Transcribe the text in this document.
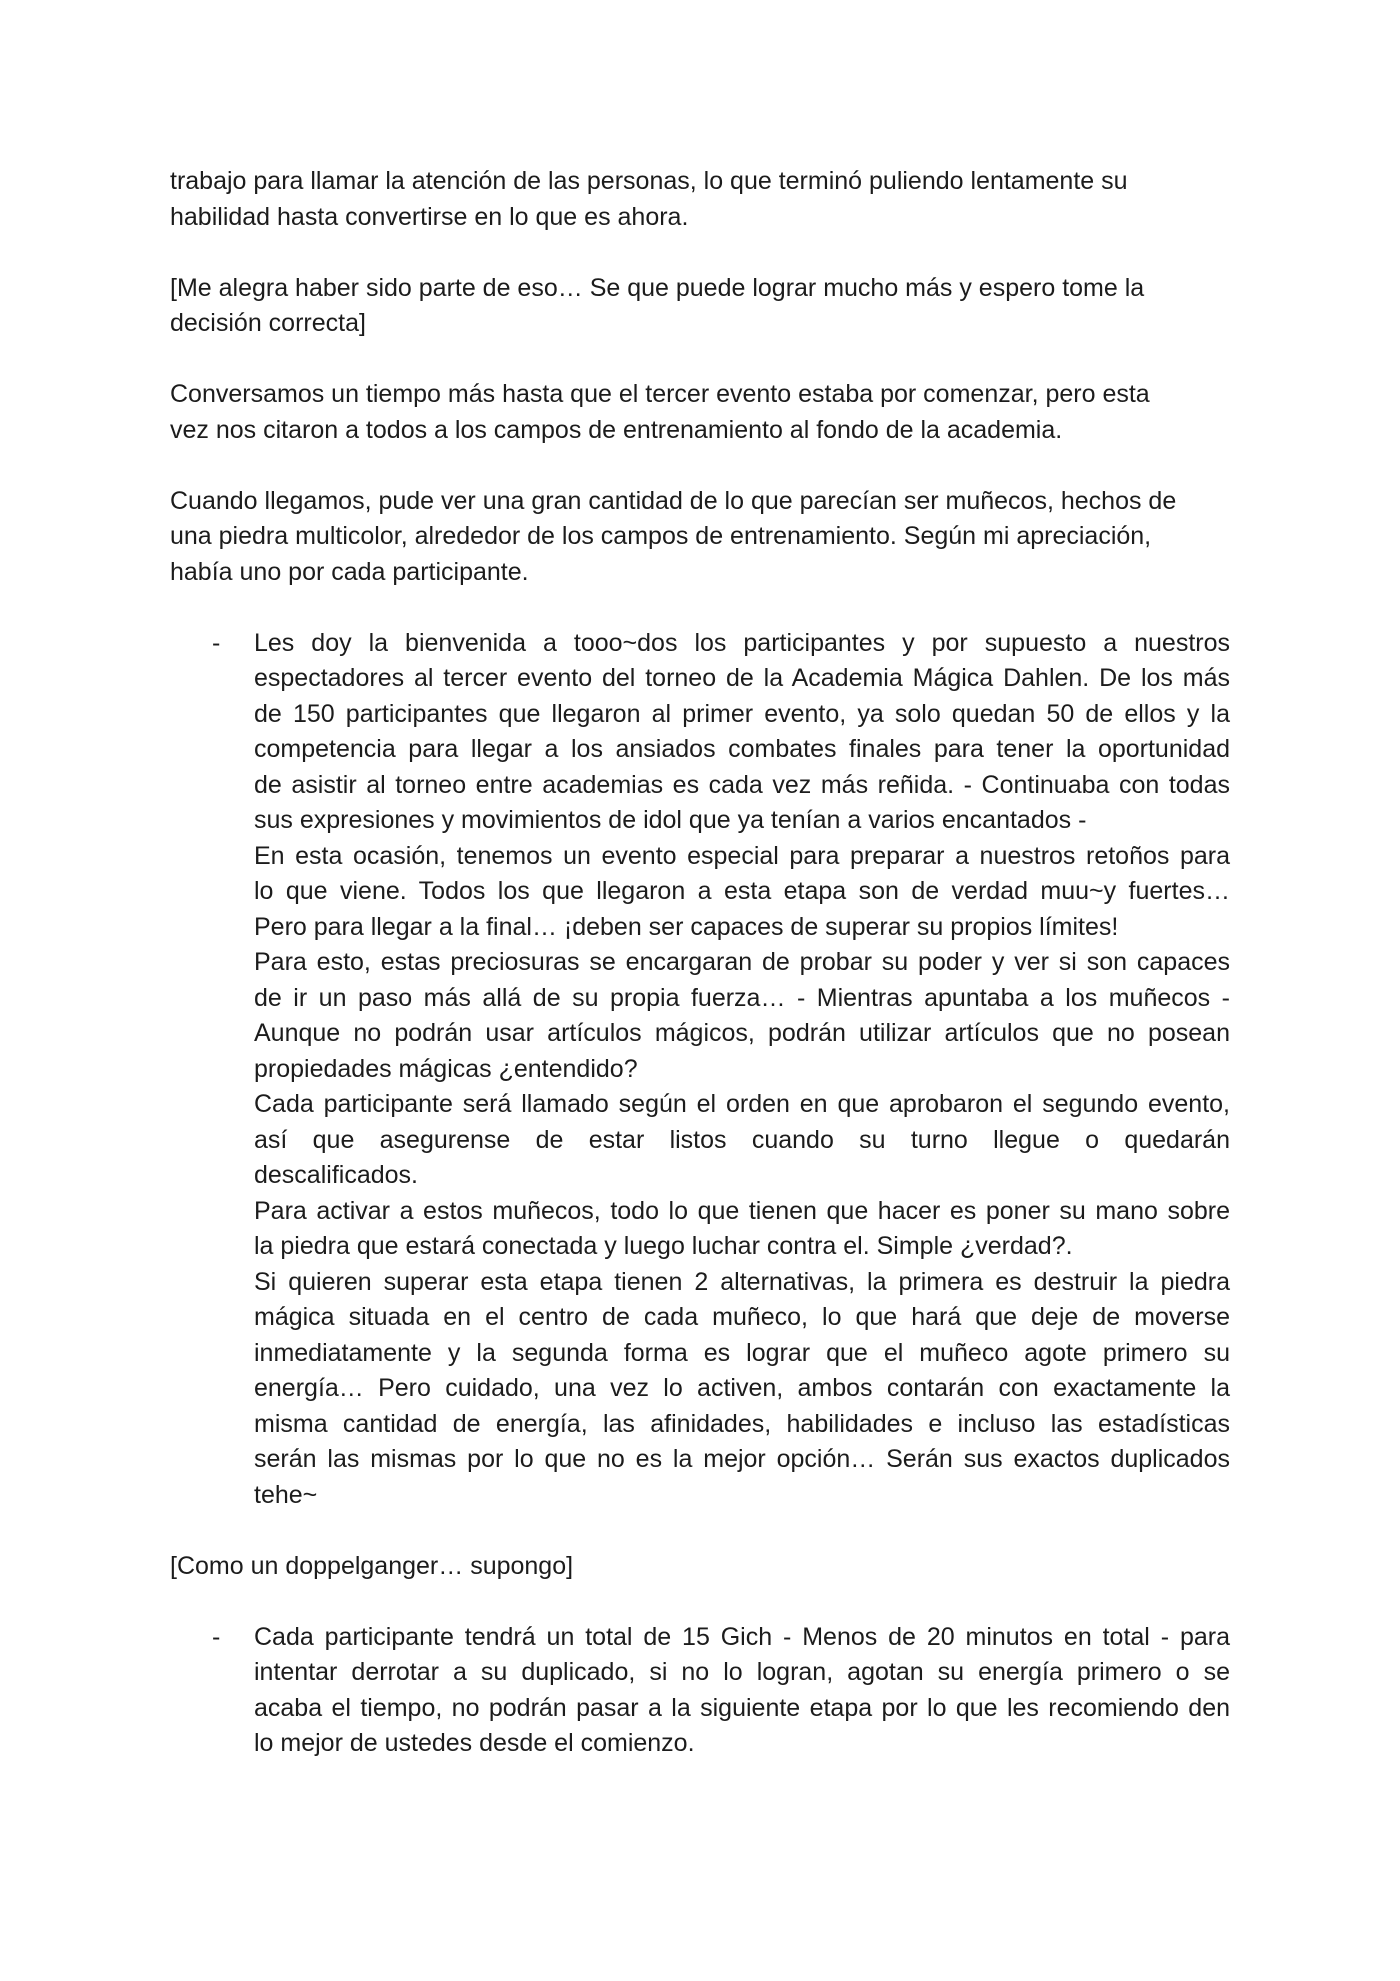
trabajo para llamar la atención de las personas, lo que terminó puliendo lentamente su
habilidad hasta convertirse en lo que es ahora.

[Me alegra haber sido parte de eso… Se que puede lograr mucho más y espero tome la
decisión correcta]

Conversamos un tiempo más hasta que el tercer evento estaba por comenzar, pero esta
vez nos citaron a todos a los campos de entrenamiento al fondo de la academia.

Cuando llegamos, pude ver una gran cantidad de lo que parecían ser muñecos, hechos de
una piedra multicolor, alrededor de los campos de entrenamiento. Según mi apreciación,
había uno por cada participante.

- Les doy la bienvenida a tooo~dos los participantes y por supuesto a nuestros
espectadores al tercer evento del torneo de la Academia Mágica Dahlen. De los más
de 150 participantes que llegaron al primer evento, ya solo quedan 50 de ellos y la
competencia para llegar a los ansiados combates finales para tener la oportunidad
de asistir al torneo entre academias es cada vez más reñida. - Continuaba con todas
sus expresiones y movimientos de idol que ya tenían a varios encantados -
En esta ocasión, tenemos un evento especial para preparar a nuestros retoños para
lo que viene. Todos los que llegaron a esta etapa son de verdad muu~y fuertes…
Pero para llegar a la final… ¡deben ser capaces de superar su propios límites!
Para esto, estas preciosuras se encargaran de probar su poder y ver si son capaces
de ir un paso más allá de su propia fuerza… - Mientras apuntaba a los muñecos -
Aunque no podrán usar artículos mágicos, podrán utilizar artículos que no posean
propiedades mágicas ¿entendido?
Cada participante será llamado según el orden en que aprobaron el segundo evento,
así que asegurense de estar listos cuando su turno llegue o quedarán
descalificados.
Para activar a estos muñecos, todo lo que tienen que hacer es poner su mano sobre
la piedra que estará conectada y luego luchar contra el. Simple ¿verdad?.
Si quieren superar esta etapa tienen 2 alternativas, la primera es destruir la piedra
mágica situada en el centro de cada muñeco, lo que hará que deje de moverse
inmediatamente y la segunda forma es lograr que el muñeco agote primero su
energía… Pero cuidado, una vez lo activen, ambos contarán con exactamente la
misma cantidad de energía, las afinidades, habilidades e incluso las estadísticas
serán las mismas por lo que no es la mejor opción… Serán sus exactos duplicados
tehe~

[Como un doppelganger… supongo]

- Cada participante tendrá un total de 15 Gich - Menos de 20 minutos en total - para
intentar derrotar a su duplicado, si no lo logran, agotan su energía primero o se
acaba el tiempo, no podrán pasar a la siguiente etapa por lo que les recomiendo den
lo mejor de ustedes desde el comienzo.
